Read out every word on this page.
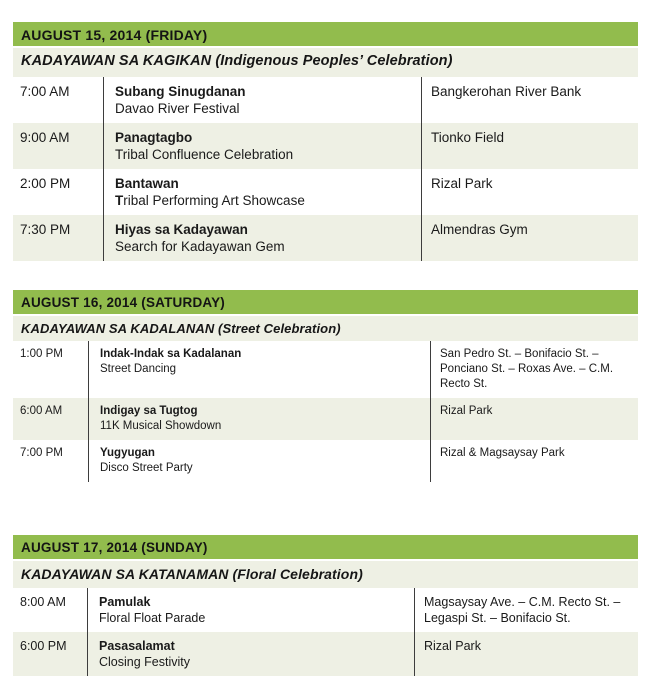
AUGUST 15, 2014 (FRIDAY)
KADAYAWAN SA KAGIKAN (Indigenous Peoples’ Celebration)
7:00 AM	Subang Sinugdanan
Davao River Festival
Bangkerohan River Bank
9:00 AM	Panagtagbo
Tribal Confluence Celebration
Tionko Field
2:00 PM	Bantawan
Tribal Performing Art Showcase
Rizal Park
7:30 PM	Hiyas sa Kadayawan
Search for Kadayawan Gem
Almendras Gym
AUGUST 16, 2014 (SATURDAY)
KADAYAWAN SA KADALANAN (Street Celebration)
1:00 PM	Indak-Indak sa Kadalanan
Street Dancing
San Pedro St. – Bonifacio St. – Ponciano St. – Roxas Ave. – C.M. Recto St.
6:00 AM	Indigay sa Tugtog
11K Musical Showdown
Rizal Park
7:00 PM	Yugyugan
Disco Street Party
Rizal & Magsaysay Park
AUGUST 17, 2014 (SUNDAY)
KADAYAWAN SA KATANAMAN (Floral Celebration)
8:00 AM	Pamulak
Floral Float Parade
Magsaysay Ave. – C.M. Recto St. – Legaspi St. – Bonifacio St.
6:00 PM	Pasasalamat
Closing Festivity
Rizal Park
